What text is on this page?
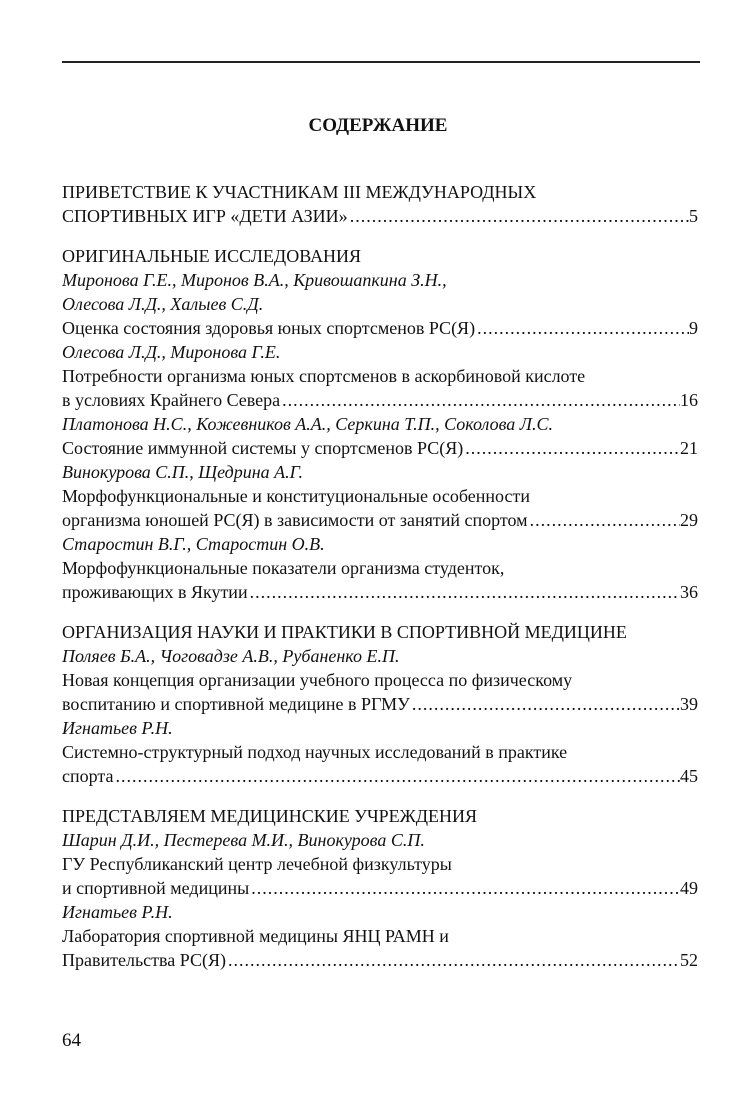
СОДЕРЖАНИЕ
ПРИВЕТСТВИЕ К УЧАСТНИКАМ III МЕЖДУНАРОДНЫХ
СПОРТИВНЫХ ИГР «ДЕТИ АЗИИ» .....	5
ОРИГИНАЛЬНЫЕ ИССЛЕДОВАНИЯ
Миронова Г.Е., Миронов В.А., Кривошапкина З.Н.,
Олесова Л.Д., Халыев С.Д.
Оценка состояния здоровья юных спортсменов РС(Я) .....	9
Олесова Л.Д., Миронова Г.Е.
Потребности организма юных спортсменов в аскорбиновой кислоте
в условиях Крайнего Севера .....	16
Платонова Н.С., Кожевников А.А., Серкина Т.П., Соколова Л.С.
Состояние иммунной системы у спортсменов РС(Я) .....	21
Винокурова С.П., Щедрина А.Г.
Морфофункциональные и конституциональные особенности
организма юношей РС(Я) в зависимости от занятий спортом .....	29
Старостин В.Г., Старостин О.В.
Морфофункциональные показатели организма студенток,
проживающих в Якутии .....	36
ОРГАНИЗАЦИЯ НАУКИ И ПРАКТИКИ В СПОРТИВНОЙ МЕДИЦИНЕ
Поляев Б.А., Чоговадзе А.В., Рубаненко Е.П.
Новая концепция организации учебного процесса по физическому
воспитанию и спортивной медицине в РГМУ .....	39
Игнатьев Р.Н.
Системно-структурный подход научных исследований в практике
спорта .....	45
ПРЕДСТАВЛЯЕМ МЕДИЦИНСКИЕ УЧРЕЖДЕНИЯ
Шарин Д.И., Пестерева М.И., Винокурова С.П.
ГУ Республиканский центр лечебной физкультуры
и спортивной медицины .....	49
Игнатьев Р.Н.
Лаборатория спортивной медицины ЯНЦ РАМН и
Правительства РС(Я) .....	52
64
